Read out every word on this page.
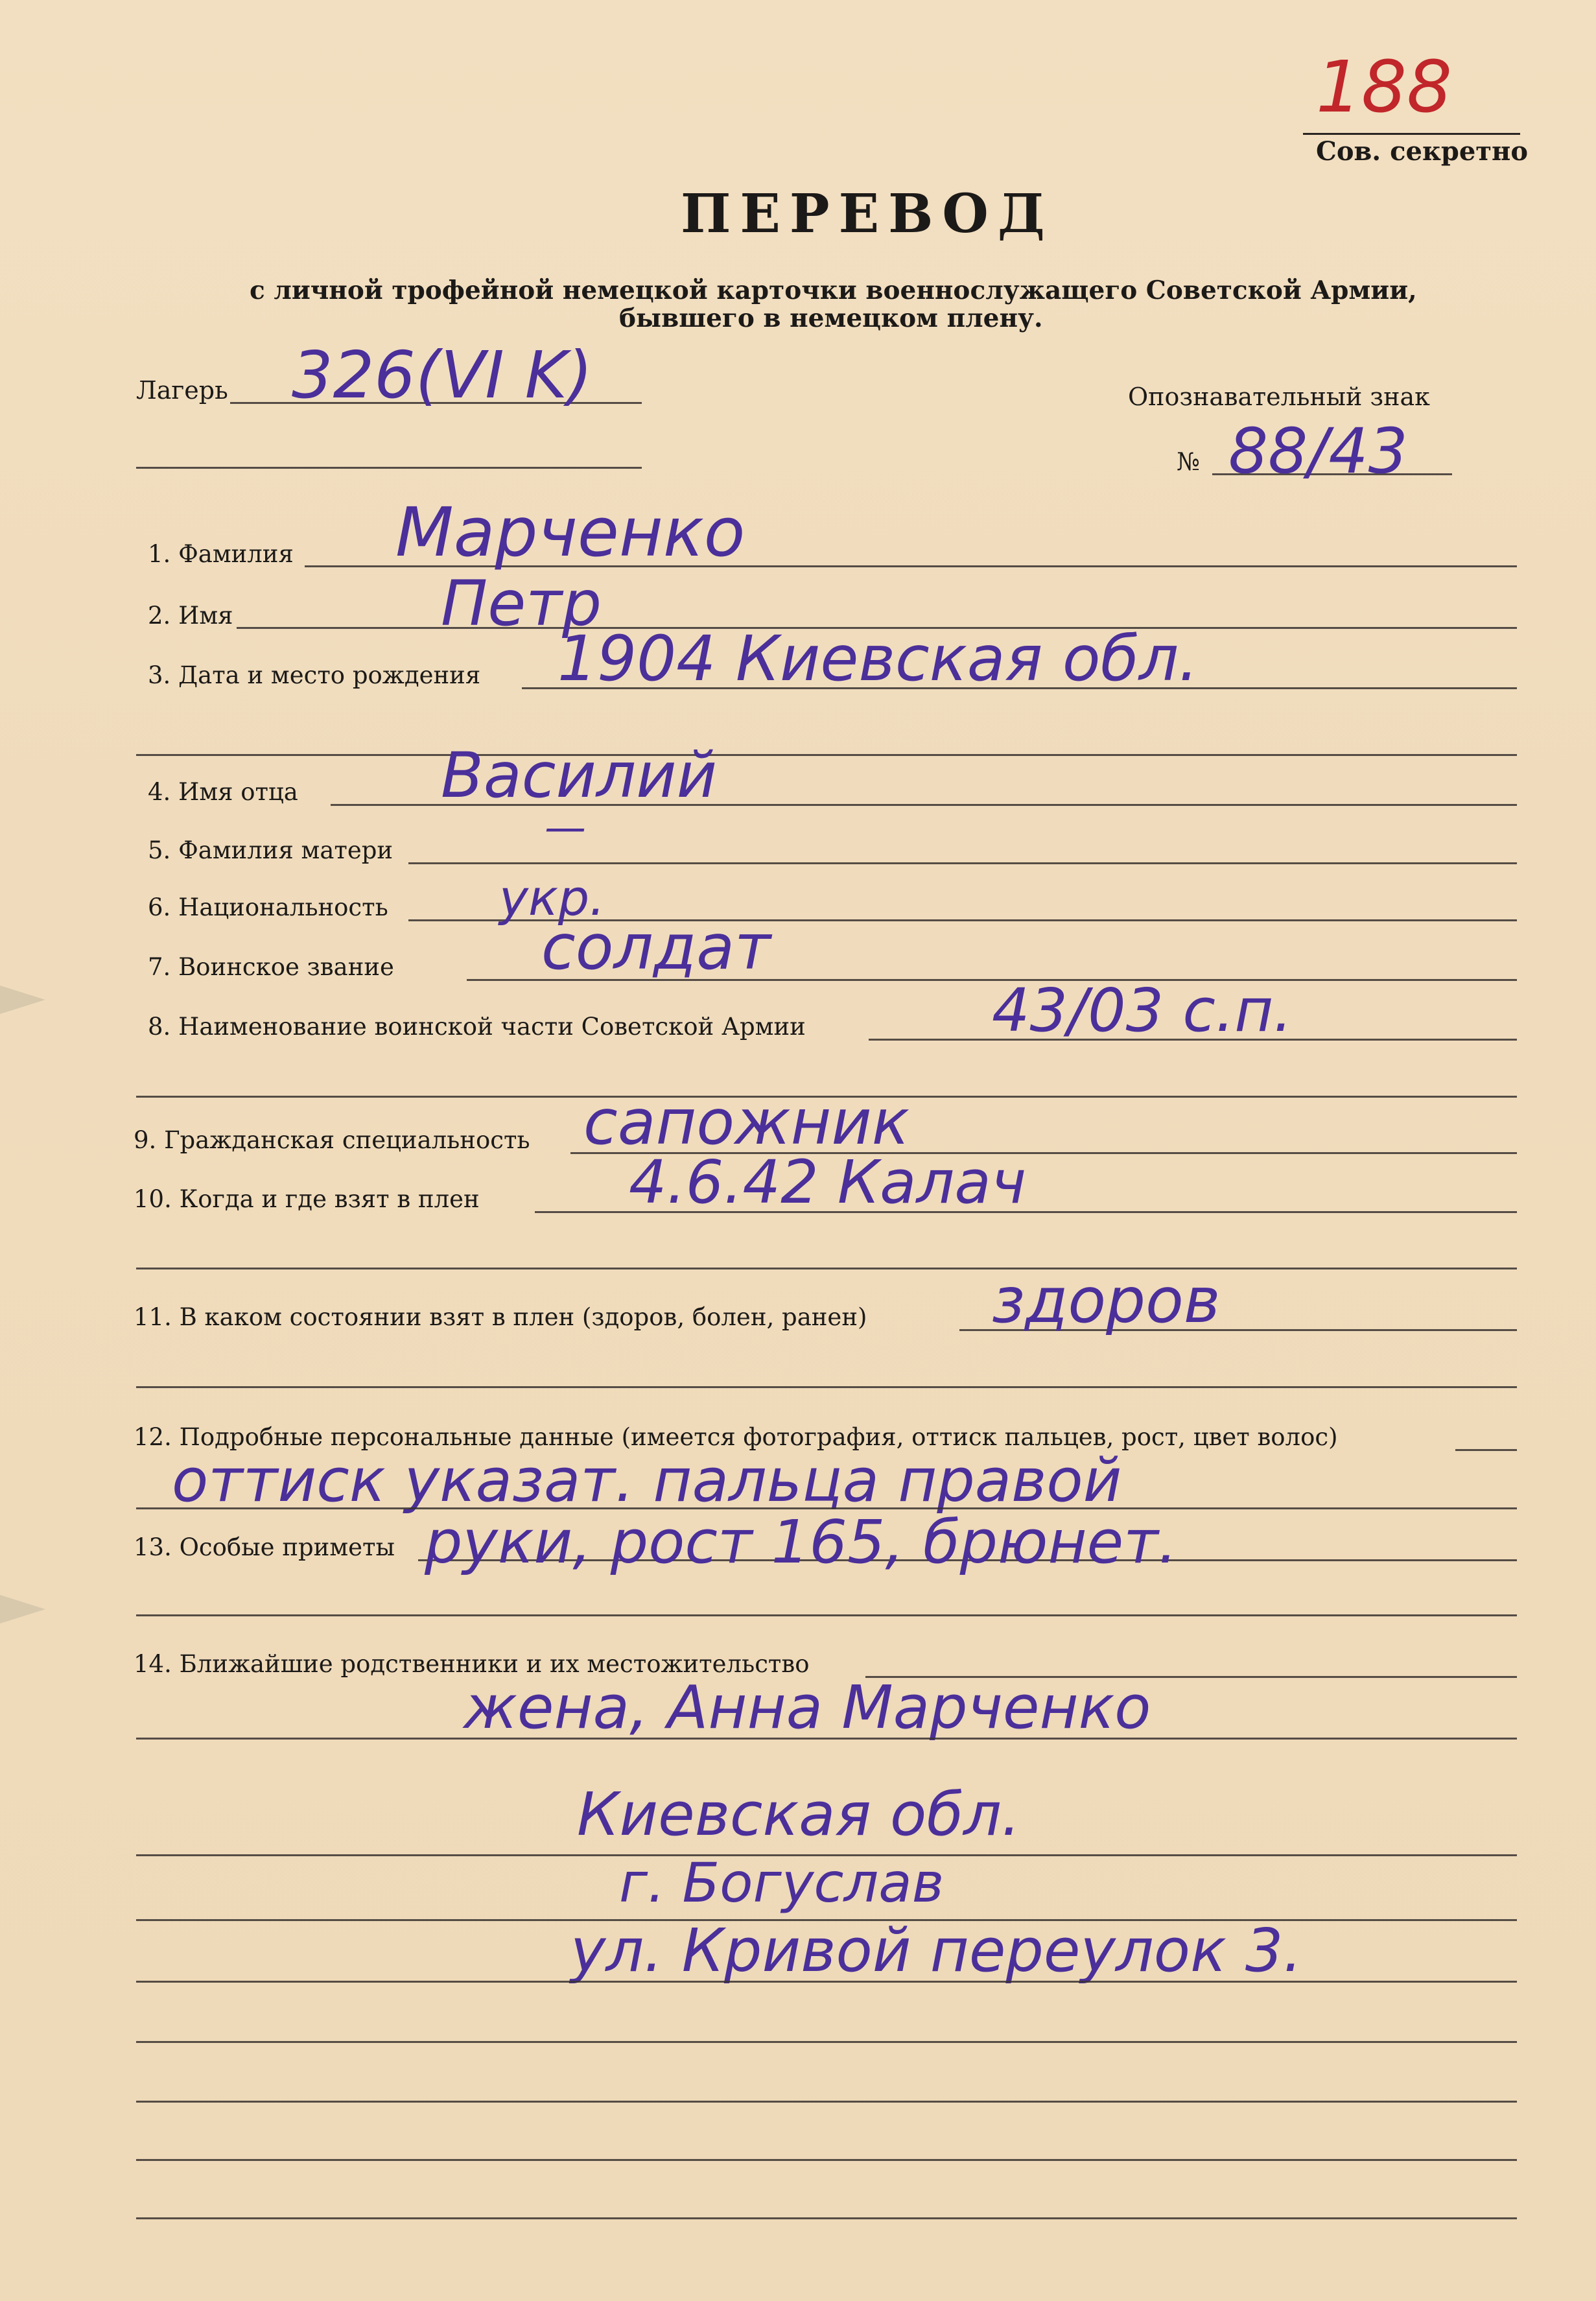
188
Сов. секретно
ПЕРЕВОД
с личной трофейной немецкой карточки военнослужащего Советской Армии,
бывшего в немецком плену.
Лагерь 326(VI K)	Опознавательный знак
№ 88/43
1. Фамилия Марченко
2. Имя	Петр
3. Дата и место рождения 1904 Киевская обл.
4. Имя отца Василий
5. Фамилия матери	—
6. Национальность укр.
7. Воинское звание солдат
8. Наименование воинской части Советской Армии	43/03 с.п.
9. Гражданская специальность сапожник
10. Когда и где взят в плен	4.6.42 Калач
11. В каком состоянии взят в плен (здоров, болен, ранен) здоров
12. Подробные персональные данные (имеется фотография, оттиск пальцев, рост, цвет волос)
оттиск указат. пальца правой
13. Особые приметы руки, рост 165, брюнет.
14. Ближайшие родственники и их местожительство
жена, Анна Марченко
Киевская обл.
г. Богуслав
ул. Кривой переулок 3.
